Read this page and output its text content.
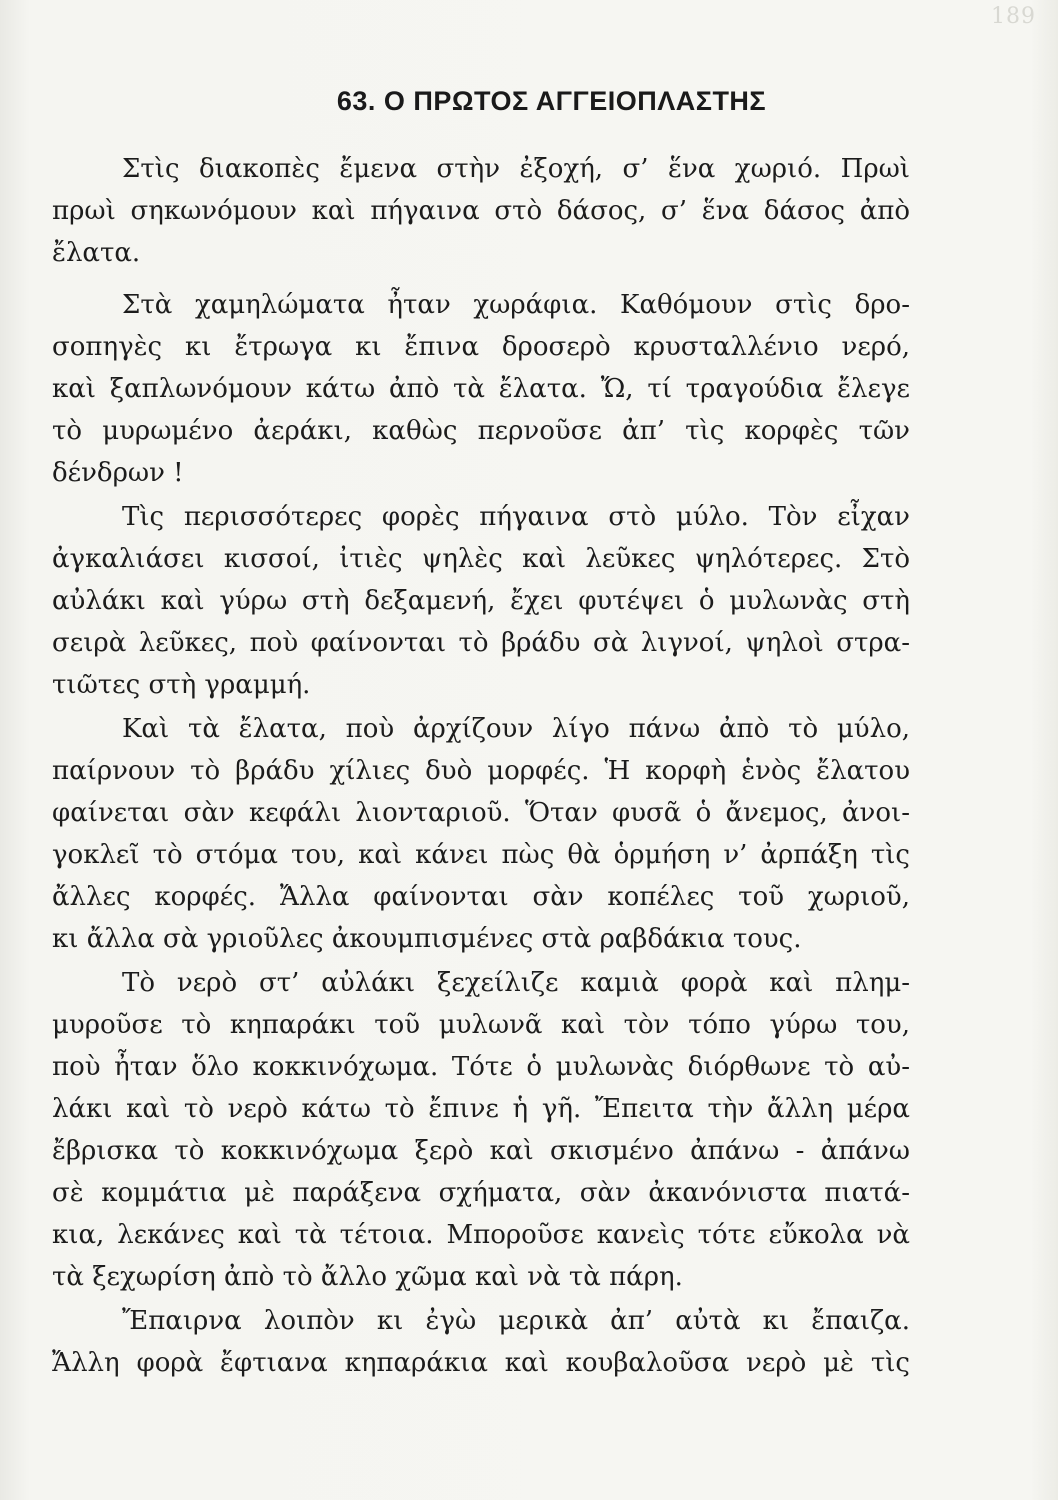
189
63. Ο ΠΡΩΤΟΣ ΑΓΓΕΙΟΠΛΑΣΤΗΣ
Στὶς διακοπὲς ἔμενα στὴν ἐξοχή, σ’ ἕνα χωριό. Πρωὶ
πρωὶ σηκωνόμουν καὶ πήγαινα στὸ δάσος, σ’ ἕνα δάσος ἀπὸ
ἔλατα.
Στὰ χαμηλώματα ἦταν χωράφια. Καθόμουν στὶς δρο-
σοπηγὲς κι ἔτρωγα κι ἔπινα δροσερὸ κρυσταλλένιο νερό,
καὶ ξαπλωνόμουν κάτω ἀπὸ τὰ ἔλατα. Ὤ, τί τραγούδια ἔλεγε
τὸ μυρωμένο ἀεράκι, καθὼς περνοῦσε ἀπ’ τὶς κορφὲς τῶν
δένδρων !
Τὶς περισσότερες φορὲς πήγαινα στὸ μύλο. Τὸν εἶχαν
ἀγκαλιάσει κισσοί, ἰτιὲς ψηλὲς καὶ λεῦκες ψηλότερες. Στὸ
αὐλάκι καὶ γύρω στὴ δεξαμενή, ἔχει φυτέψει ὁ μυλωνὰς στὴ
σειρὰ λεῦκες, ποὺ φαίνονται τὸ βράδυ σὰ λιγνοί, ψηλοὶ στρα-
τιῶτες στὴ γραμμή.
Καὶ τὰ ἔλατα, ποὺ ἀρχίζουν λίγο πάνω ἀπὸ τὸ μύλο,
παίρνουν τὸ βράδυ χίλιες δυὸ μορφές. Ἡ κορφὴ ἑνὸς ἔλατου
φαίνεται σὰν κεφάλι λιονταριοῦ. Ὅταν φυσᾶ ὁ ἄνεμος, ἀνοι-
γοκλεῖ τὸ στόμα του, καὶ κάνει πὼς θὰ ὁρμήση ν’ ἀρπάξη τὶς
ἄλλες κορφές. Ἄλλα φαίνονται σὰν κοπέλες τοῦ χωριοῦ,
κι ἄλλα σὰ γριοῦλες ἀκουμπισμένες στὰ ραβδάκια τους.
Τὸ νερὸ στ’ αὐλάκι ξεχείλιζε καμιὰ φορὰ καὶ πλημ-
μυροῦσε τὸ κηπαράκι τοῦ μυλωνᾶ καὶ τὸν τόπο γύρω του,
ποὺ ἦταν ὅλο κοκκινόχωμα. Τότε ὁ μυλωνὰς διόρθωνε τὸ αὐ-
λάκι καὶ τὸ νερὸ κάτω τὸ ἔπινε ἡ γῆ. Ἔπειτα τὴν ἄλλη μέρα
ἔβρισκα τὸ κοκκινόχωμα ξερὸ καὶ σκισμένο ἀπάνω - ἀπάνω
σὲ κομμάτια μὲ παράξενα σχήματα, σὰν ἀκανόνιστα πιατά-
κια, λεκάνες καὶ τὰ τέτοια. Μποροῦσε κανεὶς τότε εὔκολα νὰ
τὰ ξεχωρίση ἀπὸ τὸ ἄλλο χῶμα καὶ νὰ τὰ πάρη.
Ἔπαιρνα λοιπὸν κι ἐγὼ μερικὰ ἀπ’ αὐτὰ κι ἔπαιζα.
Ἄλλη φορὰ ἔφτιανα κηπαράκια καὶ κουβαλοῦσα νερὸ μὲ τὶς
